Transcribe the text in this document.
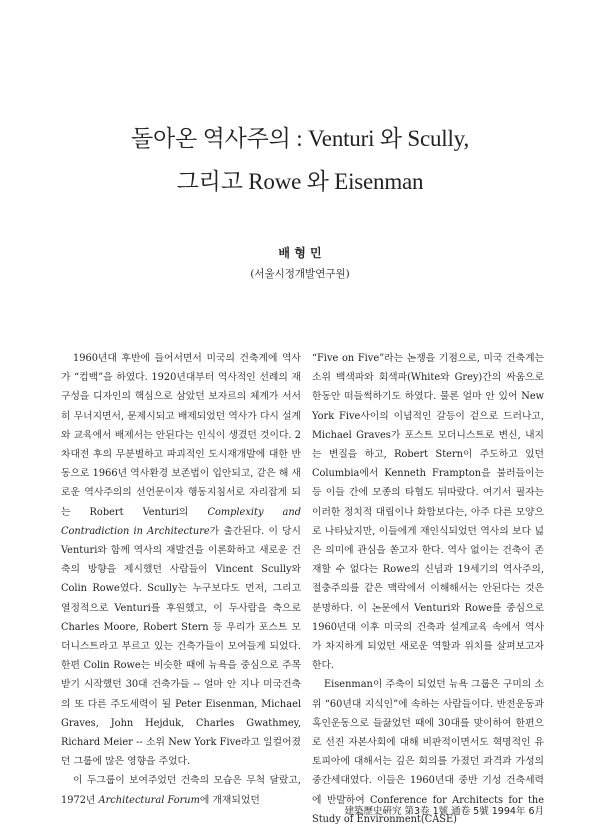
돌아온 역사주의 : Venturi 와 Scully,
그리고 Rowe 와 Eisenman
배 형 민
(서울시정개발연구원)

1960년대 후반에 들어서면서 미국의 건축계에 역사가 “컴백”을 하였다. 1920년대부터 역사적인 선례의 재구성을 디자인의 핵심으로 삼았던 보자르의 체계가 서서히 무너지면서, 문제시되고 배제되었던 역사가 다시 설계와 교육에서 배제서는 안된다는 인식이 생겼던 것이다. 2차대전 후의 무분별하고 파괴적인 도시재개발에 대한 반동으로 1966년 역사환경 보존법이 입안되고, 같은 해 새로운 역사주의의 선언문이자 행동지침서로 자리잡게 되는 Robert Venturi의 Complexity and Contradiction in Architecture가 출간된다. 이 당시 Venturi와 함께 역사의 재발견을 이론화하고 새로운 건축의 방향을 제시했던 사람들이 Vincent Scully와 Colin Rowe였다. Scully는 누구보다도 먼저, 그리고 열정적으로 Venturi를 후원했고, 이 두사람을 축으로 Charles Moore, Robert Stern 등 우리가 포스트 모더니스트라고 부르고 있는 건축가들이 모여들게 되었다. 한편 Colin Rowe는 비슷한 때에 뉴욕을 중심으로 주목받기 시작했던 30대 건축가들 -- 얼마 안 지나 미국건축의 또 다른 주도세력이 될 Peter Eisenman, Michael Graves, John Hejduk, Charles Gwathmey, Richard Meier -- 소위 New York Five라고 일컬어졌던 그룹에 많은 영향을 주었다.

이 두그룹이 보여주었던 건축의 모습은 무척 달랐고, 1972년 Architectural Forum에 개재되었던

“Five on Five”라는 논쟁을 기점으로, 미국 건축계는 소위 백색파와 회색파(White와 Grey)간의 싸움으로 한동안 떠들썩하기도 하였다. 물론 얼마 안 있어 New York Five사이의 이념적인 갈등이 겉으로 드러나고, Michael Graves가 포스트 모더니스트로 변신, 내지는 변질을 하고, Robert Stern이 주도하고 있던 Columbia에서 Kenneth Frampton을 불러들이는 등 이들 간에 모종의 타협도 뒤따랐다. 여기서 필자는 이러한 정치적 대립이나 화합보다는, 아주 다른 모양으로 나타났지만, 이들에게 재인식되었던 역사의 보다 넓은 의미에 관심을 쏟고자 한다. 역사 없이는 건축이 존재할 수 없다는 Rowe의 신념과 19세기의 역사주의, 절충주의를 같은 맥락에서 이해해서는 안된다는 것은 분명하다. 이 논문에서 Venturi와 Rowe를 중심으로 1960년대 이후 미국의 건축과 설계교육 속에서 역사가 차지하게 되었던 새로운 역할과 위치를 살펴보고자 한다.

Eisenman이 주축이 되었던 뉴욕 그룹은 구미의 소위 “60년대 지식인”에 속하는 사람들이다. 반전운동과 흑인운동으로 들끓었던 때에 30대를 맞이하여 한편으로 선진 자본사회에 대해 비판적이면서도 혁명적인 유토피아에 대해서는 깊은 회의를 가졌던 과격과 가성의 중간세대였다. 이들은 1960년대 중반 기성 건축세력에 반발하여 Conference for Architects for the Study of Environment(CASE)

建築歷史硏究 第3卷 1號 通卷 5號 1994年 6月
